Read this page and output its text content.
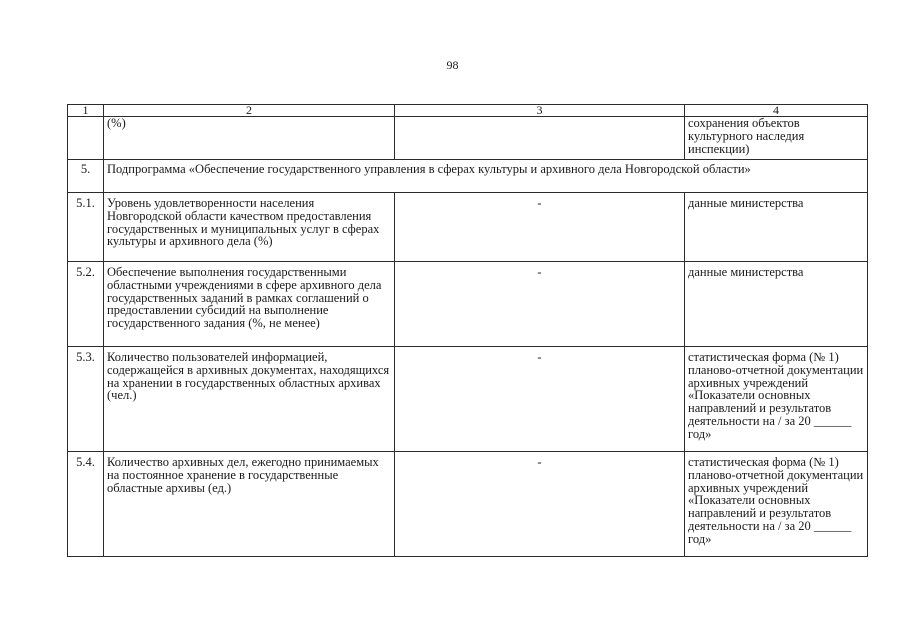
98
1	2	3	4
	(%)		сохранения объектов культурного наследия инспекции)
5.	Подпрограмма «Обеспечение государственного управления в сферах культуры и архивного дела Новгородской области»		
5.1.	Уровень удовлетворенности населения Новгородской области качеством предоставления государственных и муниципальных услуг в сферах культуры и архивного дела (%)	-	данные министерства
5.2.	Обеспечение выполнения государственными областными учреждениями в сфере архивного дела государственных заданий в рамках соглашений о предоставлении субсидий на выполнение государственного задания (%, не менее)	-	данные министерства
5.3.	Количество пользователей информацией, содержащейся в архивных документах, находящихся на хранении в государственных областных архивах (чел.)	-	статистическая форма (№ 1) планово-отчетной документации архивных учреждений «Показатели основных направлений и результатов деятельности на / за 20 ______ год»
5.4.	Количество архивных дел, ежегодно принимаемых на постоянное хранение в государственные областные архивы (ед.)	-	статистическая форма (№ 1) планово-отчетной документации архивных учреждений «Показатели основных направлений и результатов деятельности на / за 20 ______ год»
